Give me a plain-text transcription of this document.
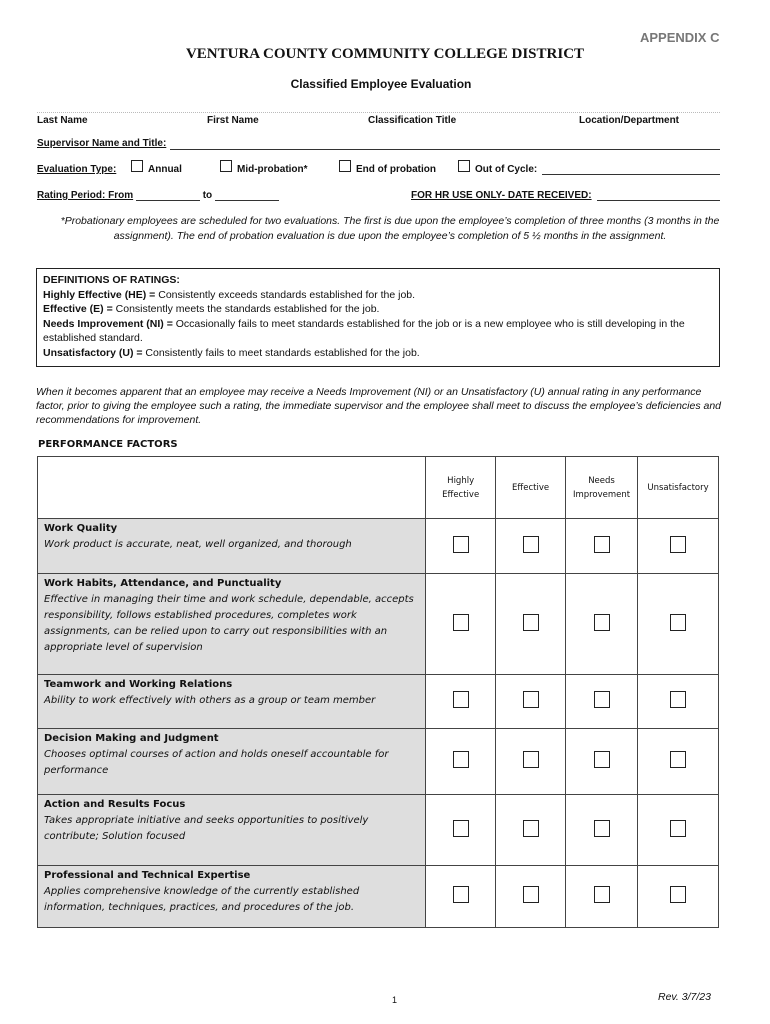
APPENDIX C
VENTURA COUNTY COMMUNITY COLLEGE DISTRICT
Classified Employee Evaluation
Last Name	First Name	Classification Title	Location/Department
Supervisor Name and Title:
Evaluation Type:	Annual	Mid-probation*	End of probation	Out of Cycle:
Rating Period: From	to	FOR HR USE ONLY- DATE RECEIVED:
*Probationary employees are scheduled for two evaluations. The first is due upon the employee’s completion of three months (3 months in the assignment). The end of probation evaluation is due upon the employee’s completion of 5 ½ months in the assignment.
DEFINITIONS OF RATINGS:
Highly Effective (HE) = Consistently exceeds standards established for the job.
Effective (E) = Consistently meets the standards established for the job.
Needs Improvement (NI) = Occasionally fails to meet standards established for the job or is a new employee who is still developing in the established standard.
Unsatisfactory (U) = Consistently fails to meet standards established for the job.
When it becomes apparent that an employee may receive a Needs Improvement (NI) or an Unsatisfactory (U) annual rating in any performance factor, prior to giving the employee such a rating, the immediate supervisor and the employee shall meet to discuss the employee’s deficiencies and recommendations for improvement.
PERFORMANCE FACTORS
	Highly Effective	Effective	Needs Improvement	Unsatisfactory

Work Quality
Work product is accurate, neat, well organized, and thorough				

Work Habits, Attendance, and Punctuality
Effective in managing their time and work schedule, dependable, accepts responsibility, follows established procedures, completes work assignments, can be relied upon to carry out responsibilities with an appropriate level of supervision				

Teamwork and Working Relations
Ability to work effectively with others as a group or team member				

Decision Making and Judgment
Chooses optimal courses of action and holds oneself accountable for performance				

Action and Results Focus
Takes appropriate initiative and seeks opportunities to positively contribute; Solution focused				

Professional and Technical Expertise
Applies comprehensive knowledge of the currently established information, techniques, practices, and procedures of the job.				

1	Rev. 3/7/23
